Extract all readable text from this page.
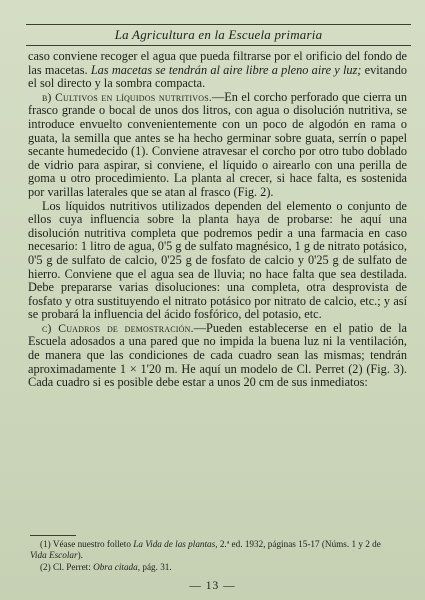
La Agricultura en la Escuela primaria

caso conviene recoger el agua que pueda filtrarse por el orificio del fondo de las macetas. Las macetas se tendrán al aire libre a pleno aire y luz; evitando el sol directo y la sombra compacta.

b) Cultivos en líquidos nutritivos.—En el corcho perforado que cierra un frasco grande o bocal de unos dos litros, con agua o disolución nutritiva, se introduce envuelto convenientemente con un poco de algodón en rama o guata, la semilla que antes se ha hecho germinar sobre guata, serrín o papel secante humedecido (1). Conviene atravesar el corcho por otro tubo doblado de vidrio para aspirar, si conviene, el líquido o airearlo con una perilla de goma u otro procedimiento. La planta al crecer, si hace falta, es sostenida por varillas laterales que se atan al frasco (Fig. 2).

Los líquidos nutritivos utilizados dependen del elemento o conjunto de ellos cuya influencia sobre la planta haya de probarse: he aquí una disolución nutritiva completa que podremos pedir a una farmacia en caso necesario: 1 litro de agua, 0'5 g de sulfato magnésico, 1 g de nitrato potásico, 0'5 g de sulfato de calcio, 0'25 g de fosfato de calcio y 0'25 g de sulfato de hierro. Conviene que el agua sea de lluvia; no hace falta que sea destilada. Debe prepararse varias disoluciones: una completa, otra desprovista de fosfato y otra sustituyendo el nitrato potásico por nitrato de calcio, etc.; y así se probará la influencia del ácido fosfórico, del potasio, etc.

c) Cuadros de demostración.—Pueden establecerse en el patio de la Escuela adosados a una pared que no impida la buena luz ni la ventilación, de manera que las condiciones de cada cuadro sean las mismas; tendrán aproximadamente 1 × 1'20 m. He aquí un modelo de Cl. Perret (2) (Fig. 3). Cada cuadro si es posible debe estar a unos 20 cm de sus inmediatos:

(1) Véase nuestro folleto La Vida de las plantas, 2.ª ed. 1932, páginas 15-17 (Núms. 1 y 2 de Vida Escolar).

(2) Cl. Perret: Obra citada, pág. 31.

— 13 —
